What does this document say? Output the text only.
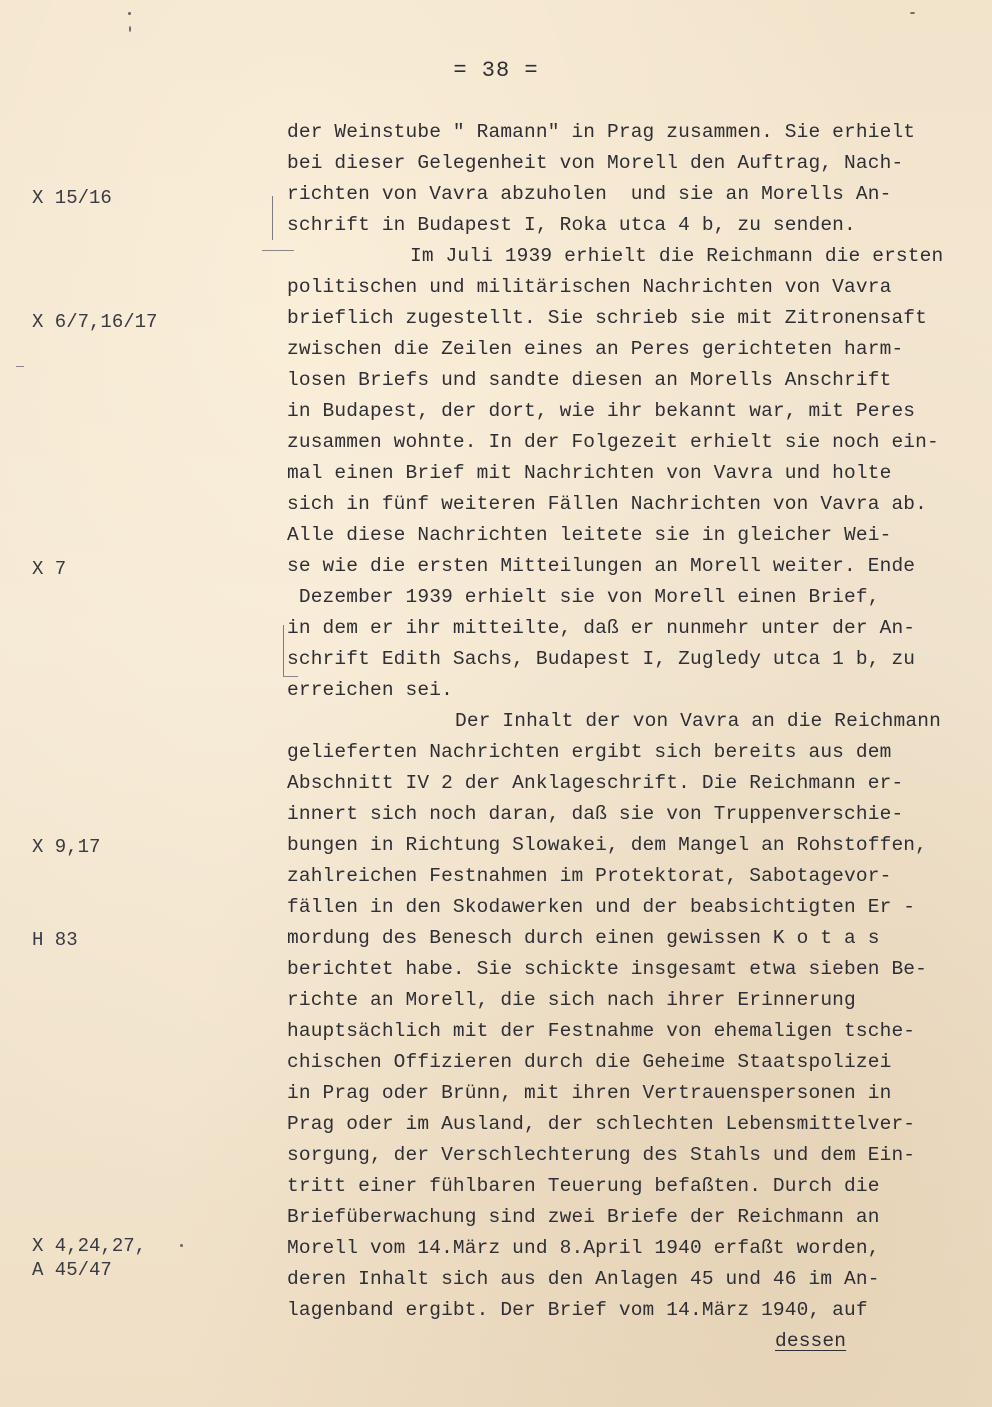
= 38 =
X 15/16
X 6/7,16/17
X 7
X 9,17
H 83
X 4,24,27,
A 45/47
der Weinstube " Ramann" in Prag zusammen. Sie erhielt
bei dieser Gelegenheit von Morell den Auftrag, Nach-
richten von Vavra abzuholen  und sie an Morells An-
schrift in Budapest I, Roka utca 4 b, zu senden.
Im Juli 1939 erhielt die Reichmann die ersten
politischen und militärischen Nachrichten von Vavra
brieflich zugestellt. Sie schrieb sie mit Zitronensaft
zwischen die Zeilen eines an Peres gerichteten harm-
losen Briefs und sandte diesen an Morells Anschrift
in Budapest, der dort, wie ihr bekannt war, mit Peres
zusammen wohnte. In der Folgezeit erhielt sie noch ein-
mal einen Brief mit Nachrichten von Vavra und holte
sich in fünf weiteren Fällen Nachrichten von Vavra ab.
Alle diese Nachrichten leitete sie in gleicher Wei-
se wie die ersten Mitteilungen an Morell weiter. Ende
Dezember 1939 erhielt sie von Morell einen Brief,
in dem er ihr mitteilte, daß er nunmehr unter der An-
schrift Edith Sachs, Budapest I, Zugledy utca 1 b, zu
erreichen sei.
Der Inhalt der von Vavra an die Reichmann
gelieferten Nachrichten ergibt sich bereits aus dem
Abschnitt IV 2 der Anklageschrift. Die Reichmann er-
innert sich noch daran, daß sie von Truppenverschie-
bungen in Richtung Slowakei, dem Mangel an Rohstoffen,
zahlreichen Festnahmen im Protektorat, Sabotagevor-
fällen in den Skodawerken und der beabsichtigten Er -
mordung des Benesch durch einen gewissen K o t a s
berichtet habe. Sie schickte insgesamt etwa sieben Be-
richte an Morell, die sich nach ihrer Erinnerung
hauptsächlich mit der Festnahme von ehemaligen tsche-
chischen Offizieren durch die Geheime Staatspolizei
in Prag oder Brünn, mit ihren Vertrauenspersonen in
Prag oder im Ausland, der schlechten Lebensmittelver-
sorgung, der Verschlechterung des Stahls und dem Ein-
tritt einer fühlbaren Teuerung befaßten. Durch die
Briefüberwachung sind zwei Briefe der Reichmann an
Morell vom 14.März und 8.April 1940 erfaßt worden,
deren Inhalt sich aus den Anlagen 45 und 46 im An-
lagenband ergibt. Der Brief vom 14.März 1940, auf
dessen
